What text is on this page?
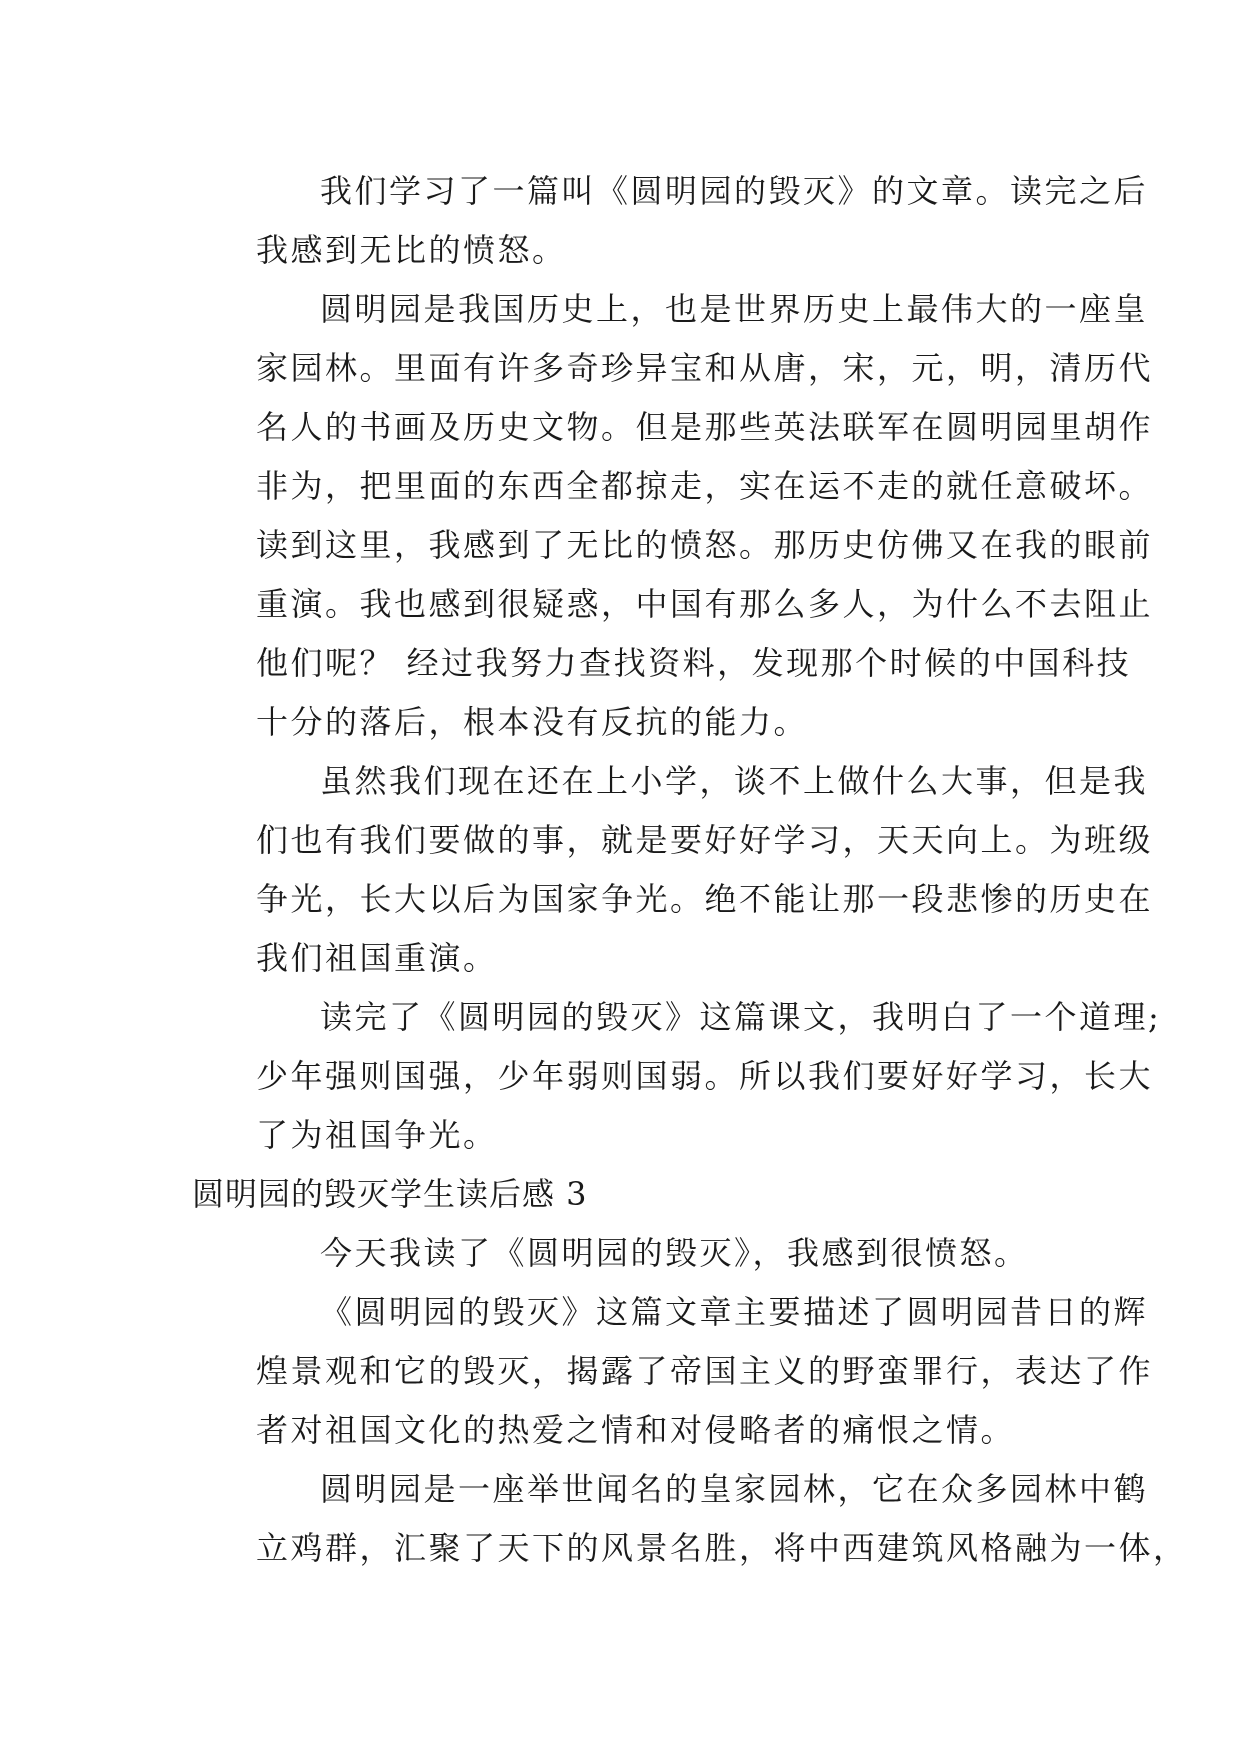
我们学习了一篇叫《圆明园的毁灭》的文章。读完之后
我感到无比的愤怒。
圆明园是我国历史上，也是世界历史上最伟大的一座皇
家园林。里面有许多奇珍异宝和从唐，宋，元，明，清历代
名人的书画及历史文物。但是那些英法联军在圆明园里胡作
非为，把里面的东西全都掠走，实在运不走的就任意破坏。
读到这里，我感到了无比的愤怒。那历史仿佛又在我的眼前
重演。我也感到很疑惑，中国有那么多人，为什么不去阻止
他们呢？ 经过我努力查找资料，发现那个时候的中国科技
十分的落后，根本没有反抗的能力。
虽然我们现在还在上小学，谈不上做什么大事，但是我
们也有我们要做的事，就是要好好学习，天天向上。为班级
争光，长大以后为国家争光。绝不能让那一段悲惨的历史在
我们祖国重演。
读完了《圆明园的毁灭》这篇课文，我明白了一个道理;
少年强则国强，少年弱则国弱。所以我们要好好学习，长大
了为祖国争光。
圆明园的毁灭学生读后感 3
今天我读了《圆明园的毁灭》，我感到很愤怒。
《圆明园的毁灭》这篇文章主要描述了圆明园昔日的辉
煌景观和它的毁灭，揭露了帝国主义的野蛮罪行，表达了作
者对祖国文化的热爱之情和对侵略者的痛恨之情。
圆明园是一座举世闻名的皇家园林，它在众多园林中鹤
立鸡群，汇聚了天下的风景名胜，将中西建筑风格融为一体，
